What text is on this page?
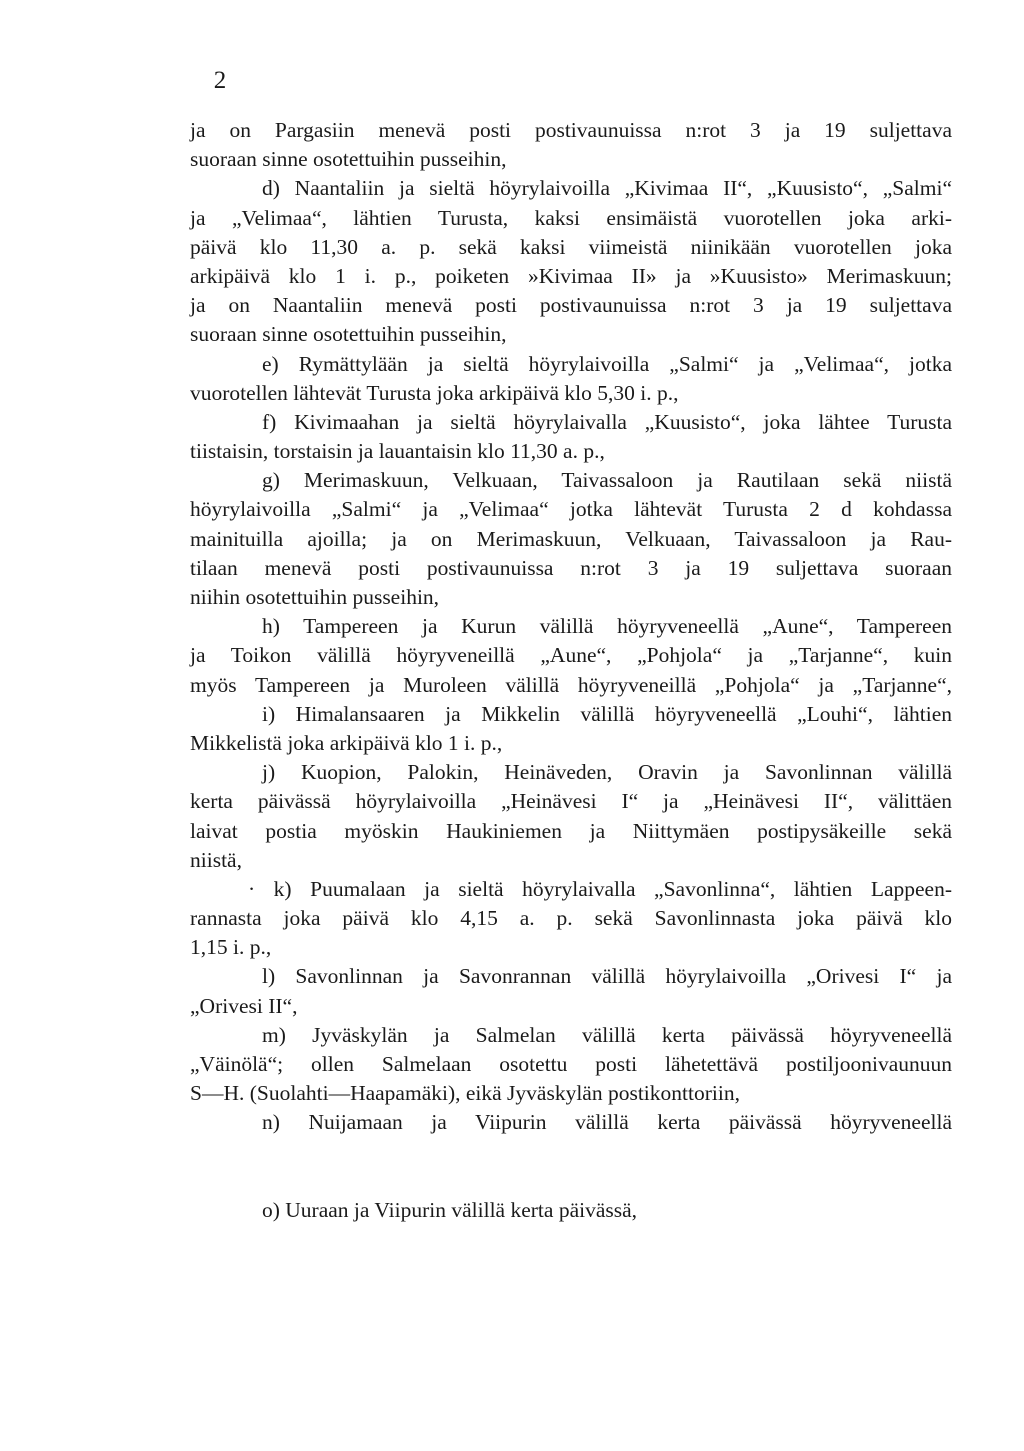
2
ja on Pargasiin menevä posti postivaunuissa n:rot 3 ja 19 suljettava
suoraan sinne osotettuihin pusseihin,
d) Naantaliin ja sieltä höyrylaivoilla „Kivimaa II“, „Kuusisto“, „Salmi“
ja „Velimaa“, lähtien Turusta, kaksi ensimäistä vuorotellen joka arki-
päivä klo 11,30 a. p. sekä kaksi viimeistä niinikään vuorotellen joka
arkipäivä klo 1 i. p., poiketen »Kivimaa II» ja »Kuusisto» Merimaskuun;
ja on Naantaliin menevä posti postivaunuissa n:rot 3 ja 19 suljettava
suoraan sinne osotettuihin pusseihin,
e) Rymättylään ja sieltä höyrylaivoilla „Salmi“ ja „Velimaa“, jotka
vuorotellen lähtevät Turusta joka arkipäivä klo 5,30 i. p.,
f) Kivimaahan ja sieltä höyrylaivalla „Kuusisto“, joka lähtee Turusta
tiistaisin, torstaisin ja lauantaisin klo 11,30 a. p.,
g) Merimaskuun, Velkuaan, Taivassaloon ja Rautilaan sekä niistä
höyrylaivoilla „Salmi“ ja „Velimaa“ jotka lähtevät Turusta 2 d kohdassa
mainituilla ajoilla; ja on Merimaskuun, Velkuaan, Taivassaloon ja Rau-
tilaan menevä posti postivaunuissa n:rot 3 ja 19 suljettava suoraan
niihin osotettuihin pusseihin,
h) Tampereen ja Kurun välillä höyryveneellä „Aune“, Tampereen
ja Toikon välillä höyryveneillä „Aune“, „Pohjola“ ja „Tarjanne“, kuin
myös Tampereen ja Muroleen välillä höyryveneillä „Pohjola“ ja „Tarjanne“,
i) Himalansaaren ja Mikkelin välillä höyryveneellä „Louhi“, lähtien
Mikkelistä joka arkipäivä klo 1 i. p.,
j) Kuopion, Palokin, Heinäveden, Oravin ja Savonlinnan välillä
kerta päivässä höyrylaivoilla „Heinävesi I“ ja „Heinävesi II“, välittäen
laivat postia myöskin Haukiniemen ja Niittymäen postipysäkeille sekä
niistä,
· k) Puumalaan ja sieltä höyrylaivalla „Savonlinna“, lähtien Lappeen-
rannasta joka päivä klo 4,15 a. p. sekä Savonlinnasta joka päivä klo
1,15 i. p.,
l) Savonlinnan ja Savonrannan välillä höyrylaivoilla „Orivesi I“ ja
„Orivesi II“,
m) Jyväskylän ja Salmelan välillä kerta päivässä höyryveneellä
„Väinölä“; ollen Salmelaan osotettu posti lähetettävä postiljoonivaunuun
S—H. (Suolahti—Haapamäki), eikä Jyväskylän postikonttoriin,
n) Nuijamaan ja Viipurin välillä kerta päivässä höyryveneellä
o) Uuraan ja Viipurin välillä kerta päivässä,
